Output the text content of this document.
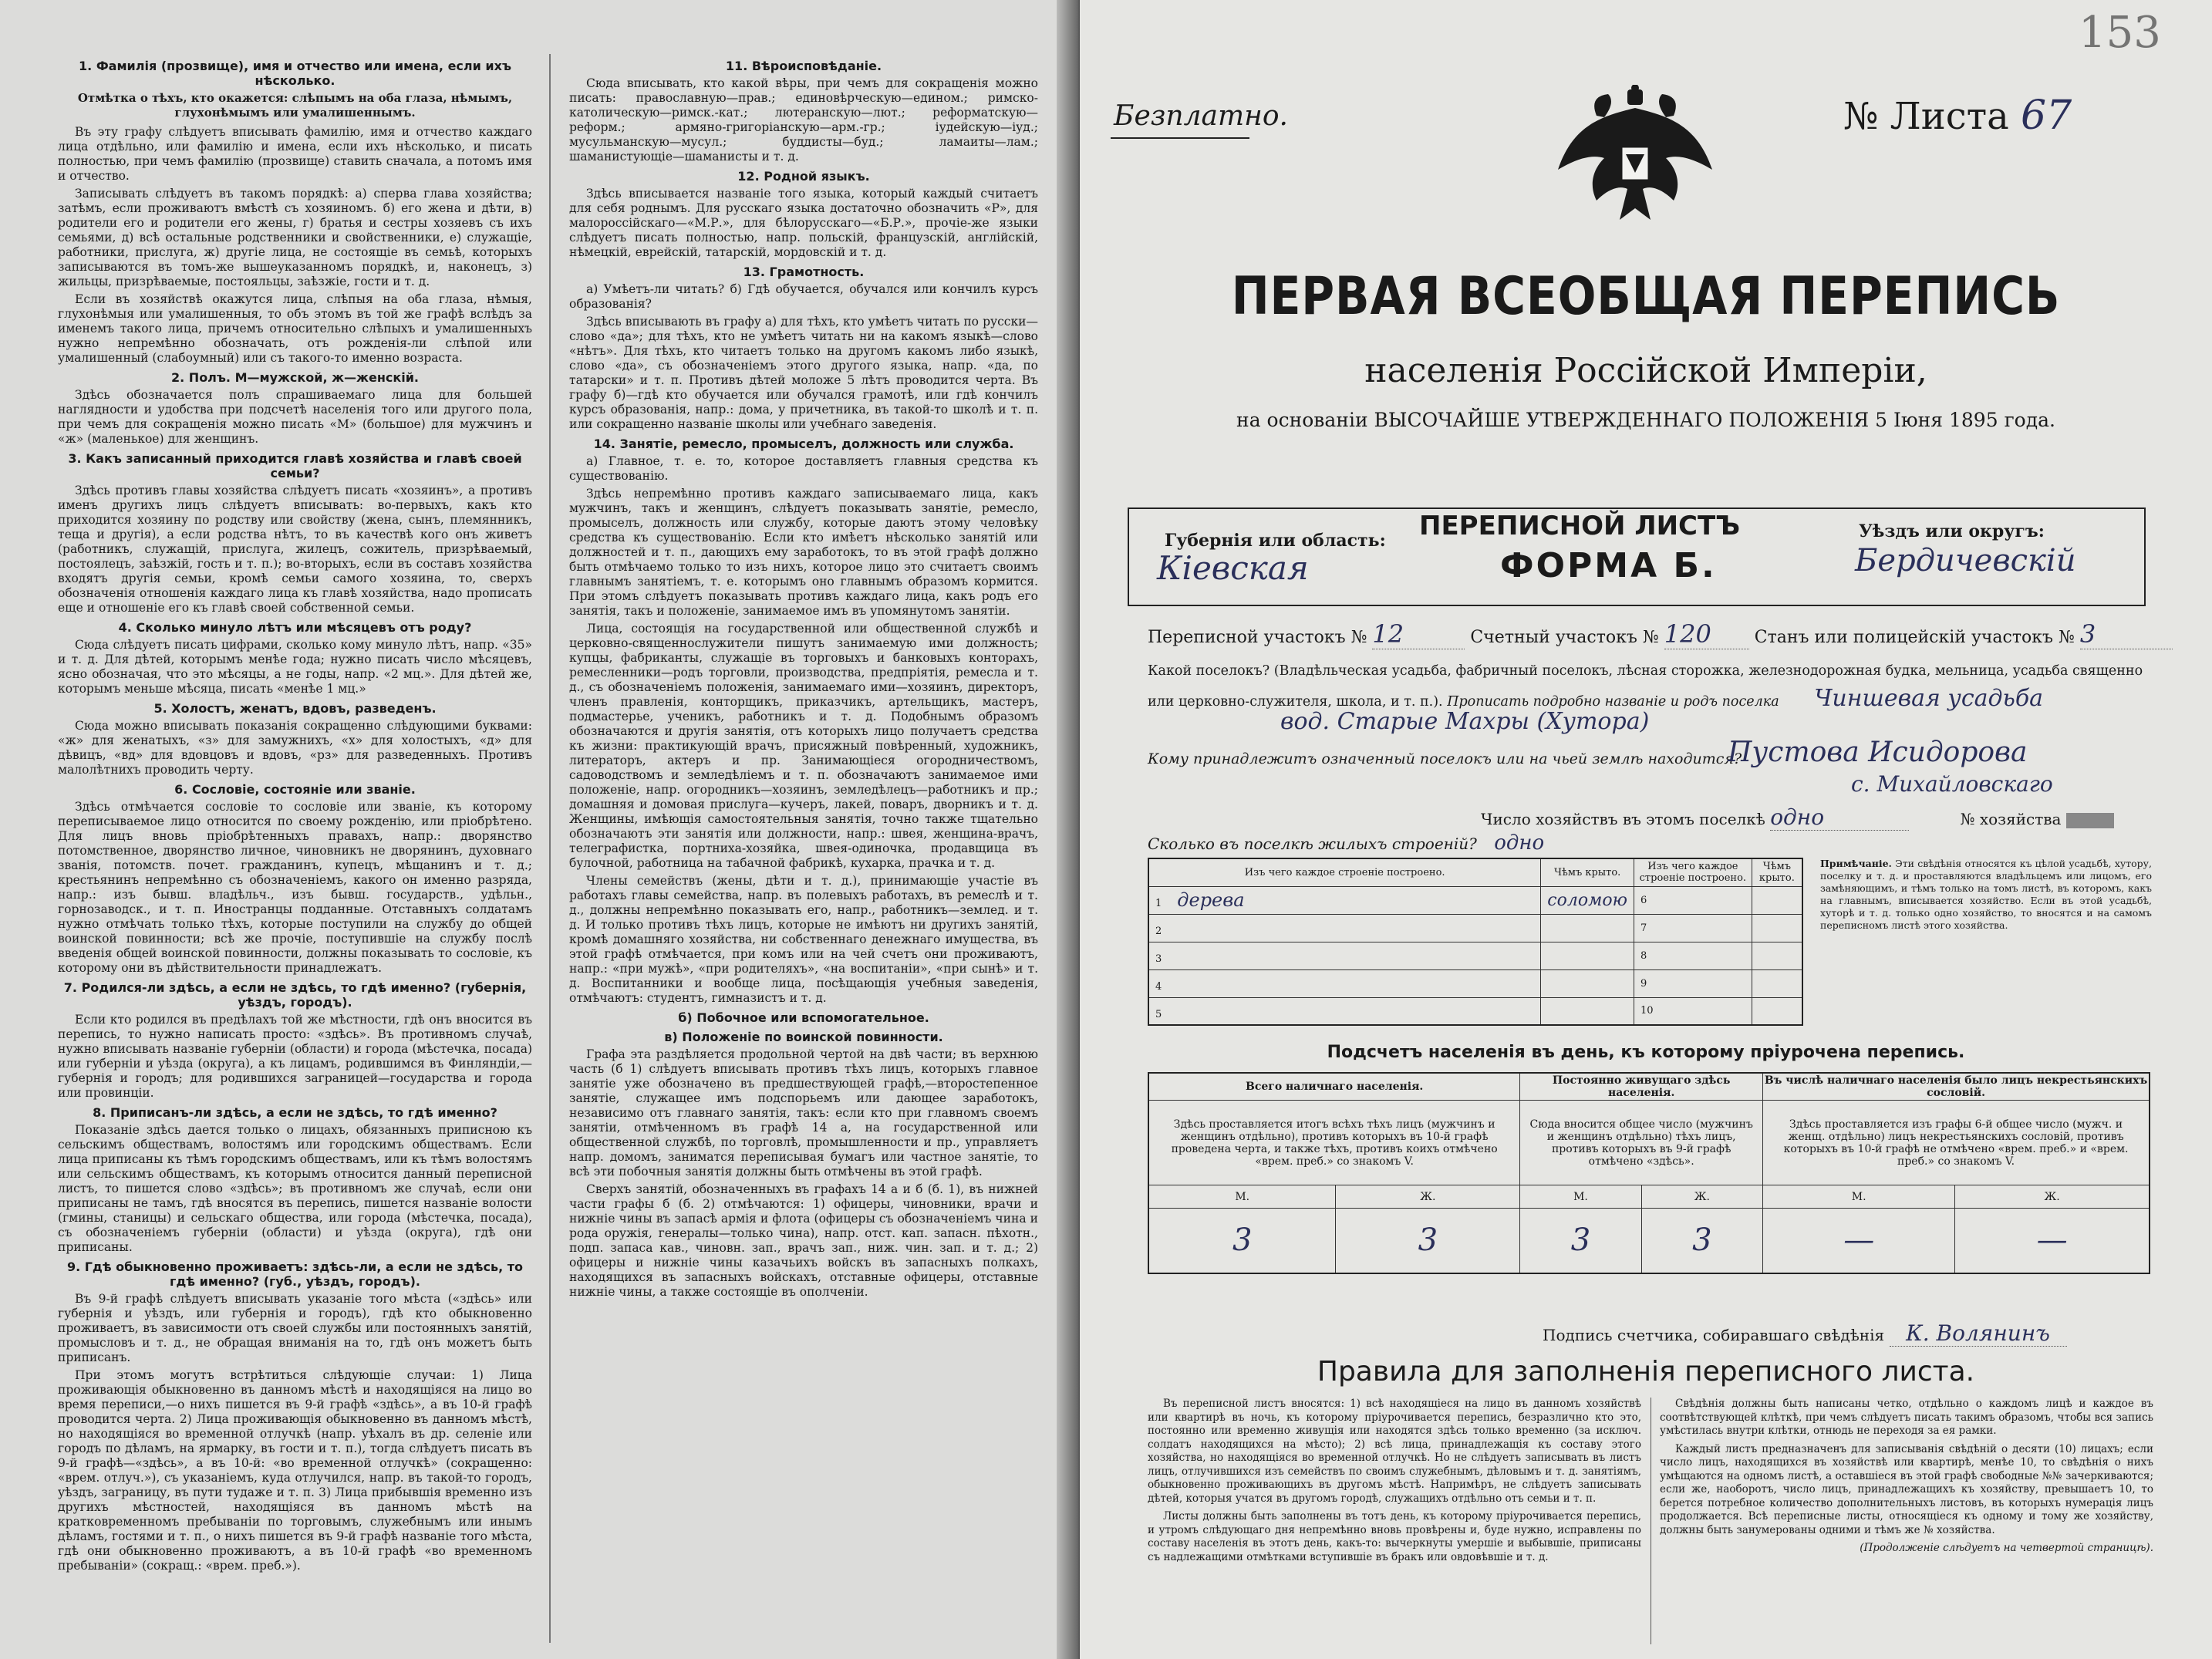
1. Фамилія (прозвище), имя и отчество или имена, если ихъ нѣсколько.
Отмѣтка о тѣхъ, кто окажется: слѣпымъ на оба глаза, нѣмымъ, глухонѣмымъ или умалишеннымъ.

Въ эту графу слѣдуетъ вписывать фамилію, имя и отчество каждаго лица отдѣльно, или фамилію и имена, если ихъ нѣсколько, и писать полностью, при чемъ фамилію (прозвище) ставить сначала, а потомъ имя и отчество.

Записывать слѣдуетъ въ такомъ порядкѣ: а) сперва глава хозяйства; затѣмъ, если проживаютъ вмѣстѣ съ хозяиномъ. б) его жена и дѣти, в) родители его и родители его жены, г) братья и сестры хозяевъ съ ихъ семьями, д) всѣ остальные родственники и свойственники, е) служащіе, работники, прислуга, ж) другіе лица, не состоящіе въ семьѣ, которыхъ записываются въ томъ-же вышеуказанномъ порядкѣ, и, наконецъ, з) жильцы, призрѣваемые, постояльцы, заѣзжіе, гости и т. д.

Если въ хозяйствѣ окажутся лица, слѣпыя на оба глаза, нѣмыя, глухонѣмыя или умалишенныя, то объ этомъ въ той же графѣ вслѣдъ за именемъ такого лица, причемъ относительно слѣпыхъ и умалишенныхъ нужно непремѣнно обозначать, отъ рожденія-ли слѣпой или умалишенный (слабоумный) или съ такого-то именно возраста.

2. Полъ. М—мужской, ж—женскій.

Здѣсь обозначается полъ спрашиваемаго лица для большей наглядности и удобства при подсчетѣ населенія того или другого пола, при чемъ для сокращенія можно писать «М» (большое) для мужчинъ и «ж» (маленькое) для женщинъ.

3. Какъ записанный приходится главѣ хозяйства и главѣ своей семьи?

Здѣсь противъ главы хозяйства слѣдуетъ писать «хозяинъ», а противъ именъ другихъ лицъ слѣдуетъ вписывать: во-первыхъ, какъ кто приходится хозяину по родству или свойству (жена, сынъ, племянникъ, теща и другія), а если родства нѣтъ, то въ качествѣ кого онъ живетъ (работникъ, служащій, прислуга, жилецъ, сожитель, призрѣваемый, постоялецъ, заѣзжій, гость и т. п.); во-вторыхъ, если въ составъ хозяйства входятъ другія семьи, кромѣ семьи самого хозяина, то, сверхъ обозначенія отношенія каждаго лица къ главѣ хозяйства, надо прописать еще и отношеніе его къ главѣ своей собственной семьи.

4. Сколько минуло лѣтъ или мѣсяцевъ отъ роду?

Сюда слѣдуетъ писать цифрами, сколько кому минуло лѣтъ, напр. «35» и т. д. Для дѣтей, которымъ менѣе года; нужно писать число мѣсяцевъ, ясно обозначая, что это мѣсяцы, а не годы, напр. «2 мц.». Для дѣтей же, которымъ меньше мѣсяца, писать «менѣе 1 мц.»

5. Холостъ, женатъ, вдовъ, разведенъ.

Сюда можно вписывать показанія сокращенно слѣдующими буквами: «ж» для женатыхъ, «з» для замужнихъ, «х» для холостыхъ, «д» для дѣвицъ, «вд» для вдовцовъ и вдовъ, «рз» для разведенныхъ. Противъ малолѣтнихъ проводить черту.

6. Сословіе, состояніе или званіе.

Здѣсь отмѣчается сословіе то сословіе или званіе, къ которому переписываемое лицо относится по своему рожденію, или пріобрѣтено. Для лицъ вновь пріобрѣтенныхъ правахъ, напр.: дворянство потомственное, дворянство личное, чиновникъ не дворянинъ, духовнаго званія, потомств. почет. гражданинъ, купецъ, мѣщанинъ и т. д.; крестьянинъ непремѣнно съ обозначеніемъ, какого он именно разряда, напр.: изъ бывш. владѣльч., изъ бывш. государств., удѣльн., горнозаводск., и т. п. Иностранцы подданные. Отставныхъ солдатамъ нужно отмѣчать только тѣхъ, которые поступили на службу до общей воинской повинности; всѣ же прочіе, поступившіе на службу послѣ введенія общей воинской повинности, должны показывать то сословіе, къ которому они въ дѣйствительности принадлежатъ.

7. Родился-ли здѣсь, а если не здѣсь, то гдѣ именно? (губернія, уѣздъ, городъ).

Если кто родился въ предѣлахъ той же мѣстности, гдѣ онъ вносится въ перепись, то нужно написать просто: «здѣсь». Въ противномъ случаѣ, нужно вписывать названіе губерніи (области) и города (мѣстечка, посада) или губерніи и уѣзда (округа), а къ лицамъ, родившимся въ Финляндіи,—губернія и городъ; для родившихся заграницей—государства и города или провинціи.

8. Приписанъ-ли здѣсь, а если не здѣсь, то гдѣ именно?

Показаніе здѣсь дается только о лицахъ, обязанныхъ приписною къ сельскимъ обществамъ, волостямъ или городскимъ обществамъ. Если лица приписаны къ тѣмъ городскимъ обществамъ, или къ тѣмъ волостямъ или сельскимъ обществамъ, къ которымъ относится данный переписной листъ, то пишется слово «здѣсь»; въ противномъ же случаѣ, если они приписаны не тамъ, гдѣ вносятся въ перепись, пишется названіе волости (гмины, станицы) и сельскаго общества, или города (мѣстечка, посада), съ обозначеніемъ губерніи (области) и уѣзда (округа), гдѣ они приписаны.

9. Гдѣ обыкновенно проживаетъ: здѣсь-ли, а если не здѣсь, то гдѣ именно? (губ., уѣздъ, городъ).

Въ 9-й графѣ слѣдуетъ вписывать указаніе того мѣста («здѣсь» или губернія и уѣздъ, или губернія и городъ), гдѣ кто обыкновенно проживаетъ, въ зависимости отъ своей службы или постоянныхъ занятій, промысловъ и т. д., не обращая вниманія на то, гдѣ онъ можетъ быть приписанъ.

При этомъ могутъ встрѣтиться слѣдующіе случаи: 1) Лица проживающія обыкновенно въ данномъ мѣстѣ и находящіяся на лицо во время переписи,—о нихъ пишется въ 9-й графѣ «здѣсь», а въ 10-й графѣ проводится черта. 2) Лица проживающія обыкновенно въ данномъ мѣстѣ, но находящіяся во временной отлучкѣ (напр. уѣхалъ въ др. селеніе или городъ по дѣламъ, на ярмарку, въ гости и т. п.), тогда слѣдуетъ писать въ 9-й графѣ—«здѣсь», а въ 10-й: «во временной отлучкѣ» (сокращенно: «врем. отлуч.»), съ указаніемъ, куда отлучился, напр. въ такой-то городъ, уѣздъ, заграницу, въ пути тудаже и т. п. 3) Лица прибывшія временно изъ другихъ мѣстностей, находящіяся въ данномъ мѣстѣ на кратковременномъ пребываніи по торговымъ, служебнымъ или инымъ дѣламъ, гостями и т. п., о нихъ пишется въ 9-й графѣ названіе того мѣста, гдѣ они обыкновенно проживаютъ, а въ 10-й графѣ «во временномъ пребываніи» (сокращ.: «врем. преб.»).

11. Вѣроисповѣданіе.

Сюда вписывать, кто какой вѣры, при чемъ для сокращенія можно писать: православную—прав.; единовѣрческую—едином.; римско-католическую—римск.-кат.; лютеранскую—лют.; реформатскую—реформ.; армяно-григоріанскую—арм.-гр.; іудейскую—іуд.; мусульманскую—мусул.; буддисты—буд.; ламаиты—лам.; шаманистующіе—шаманисты и т. д.

12. Родной языкъ.

Здѣсь вписывается названіе того языка, который каждый считаетъ для себя роднымъ. Для русскаго языка достаточно обозначить «Р», для малороссійскаго—«М.Р.», для бѣлорусскаго—«Б.Р.», прочіе-же языки слѣдуетъ писать полностью, напр. польскій, французскій, англійскій, нѣмецкій, еврейскій, татарскій, мордовскій и т. д.

13. Грамотность.

а) Умѣетъ-ли читать? б) Гдѣ обучается, обучался или кончилъ курсъ образованія?

Здѣсь вписывають въ графу а) для тѣхъ, кто умѣетъ читать по русски—слово «да»; для тѣхъ, кто не умѣетъ читать ни на какомъ языкѣ—слово «нѣтъ». Для тѣхъ, кто читаетъ только на другомъ какомъ либо языкѣ, слово «да», съ обозначеніемъ этого другого языка, напр. «да, по татарски» и т. п. Противъ дѣтей моложе 5 лѣтъ проводится черта. Въ графу б)—гдѣ кто обучается или обучался грамотѣ, или гдѣ кончилъ курсъ образованія, напр.: дома, у причетника, въ такой-то школѣ и т. п. или сокращенно названіе школы или учебнаго заведенія.

14. Занятіе, ремесло, промыселъ, должность или служба.

а) Главное, т. е. то, которое доставляетъ главныя средства къ существованію.

Здѣсь непремѣнно противъ каждаго записываемаго лица, какъ мужчинъ, такъ и женщинъ, слѣдуетъ показывать занятіе, ремесло, промыселъ, должность или службу, которые даютъ этому человѣку средства къ существованію. Если кто имѣетъ нѣсколько занятій или должностей и т. п., дающихъ ему заработокъ, то въ этой графѣ должно быть отмѣчаемо только то изъ нихъ, которое лицо это считаетъ своимъ главнымъ занятіемъ, т. е. которымъ оно главнымъ образомъ кормится. При этомъ слѣдуетъ показывать противъ каждаго лица, какъ родъ его занятія, такъ и положеніе, занимаемое имъ въ упомянутомъ занятіи.

Лица, состоящія на государственной или общественной службѣ и церковно-священнослужители пишутъ занимаемую ими должность; купцы, фабриканты, служащіе въ торговыхъ и банковыхъ конторахъ, ремесленники—родъ торговли, производства, предпріятія, ремесла и т. д., съ обозначеніемъ положенія, занимаемаго ими—хозяинъ, директоръ, членъ правленія, конторщикъ, приказчикъ, артельщикъ, мастеръ, подмастерье, ученикъ, работникъ и т. д. Подобнымъ образомъ обозначаются и другія занятія, отъ которыхъ лицо получаетъ средства къ жизни: практикующій врачъ, присяжный повѣренный, художникъ, литераторъ, актеръ и пр. Занимающіеся огородничествомъ, садоводствомъ и земледѣліемъ и т. п. обозначаютъ занимаемое ими положеніе, напр. огородникъ—хозяинъ, земледѣлецъ—работникъ и пр.; домашняя и домовая прислуга—кучеръ, лакей, поваръ, дворникъ и т. д. Женщины, имѣющія самостоятельныя занятія, точно также тщательно обозначаютъ эти занятія или должности, напр.: швея, женщина-врачъ, телеграфистка, портниха-хозяйка, швея-одиночка, продавщица въ булочной, работница на табачной фабрикѣ, кухарка, прачка и т. д.

Члены семействъ (жены, дѣти и т. д.), принимающіе участіе въ работахъ главы семейства, напр. въ полевыхъ работахъ, въ ремеслѣ и т. д., должны непремѣнно показывать его, напр., работникъ—землед. и т. д. И только противъ тѣхъ лицъ, которые не имѣютъ ни другихъ занятій, кромѣ домашняго хозяйства, ни собственнаго денежнаго имущества, въ этой графѣ отмѣчается, при комъ или на чей счетъ они проживаютъ, напр.: «при мужѣ», «при родителяхъ», «на воспитаніи», «при сынѣ» и т. д. Воспитанники и вообще лица, посѣщающія учебныя заведенія, отмѣчаютъ: студентъ, гимназистъ и т. д.

б) Побочное или вспомогательное.
в) Положеніе по воинской повинности.

Графа эта раздѣляется продольной чертой на двѣ части; въ верхнюю часть (б 1) слѣдуетъ вписывать противъ тѣхъ лицъ, которыхъ главное занятіе уже обозначено въ предшествующей графѣ,—второстепенное занятіе, служащее имъ подспорьемъ или дающее заработокъ, независимо отъ главнаго занятія, такъ: если кто при главномъ своемъ занятіи, отмѣченномъ въ графѣ 14 а, на государственной или общественной службѣ, по торговлѣ, промышленности и пр., управляетъ напр. домомъ, заниматся переписывая бумагъ или частное занятіе, то всѣ эти побочныя занятія должны быть отмѣчены въ этой графѣ.

Сверхъ занятій, обозначенныхъ въ графахъ 14 а и б (б. 1), въ нижней части графы б (б. 2) отмѣчаются: 1) офицеры, чиновники, врачи и нижніе чины въ запасѣ армія и флота (офицеры съ обозначеніемъ чина и рода оружія, генералы—только чина), напр. отст. кап. запасн. пѣхотн., подп. запаса кав., чиновн. зап., врачъ зап., ниж. чин. зап. и т. д.; 2) офицеры и нижніе чины казачьихъ войскъ въ запасныхъ полкахъ, находящихся въ запасныхъ войскахъ, отставные офицеры, отставные нижніе чины, а также состоящіе въ ополченіи.

Безплатно.	№ Листа 67
153
ПЕРВАЯ ВСЕОБЩАЯ ПЕРЕПИСЬ
населенія Россійской Имперіи,
на основаніи ВЫСОЧАЙШЕ УТВЕРЖДЕННАГО ПОЛОЖЕНІЯ 5 Іюня 1895 года.
Губернія или область:
Кіевская
ПЕРЕПИСНОЙ ЛИСТЪ
ФОРМА Б.
Уѣздъ или округъ:
Бердичевскій
Переписной участокъ № 12	Счетный участокъ № 120	Станъ или полицейскій участокъ № 3
Какой поселокъ? (Владѣльческая усадьба, фабричный поселокъ, лѣсная сторожка, железнодорожная будка, мельница, усадьба священно или церковно-служителя, школа, и т. п.). Прописать подробно названіе и родъ поселка Чиншевая усадьба
вод. Старые Махры (Хутора)
Кому принадлежитъ означенный поселокъ или на чьей землѣ находится?
Пустова Исидорова
с. Михайловскаго
Число хозяйствъ въ этомъ поселкѣ одно	№ хозяйства
Сколько въ поселкѣ жилыхъ строеній? одно
Изъ чего каждое строеніе построено.	Чѣмъ крыто.	Изъ чего каждое строеніе построено.	Чѣмъ крыто.
1 дерева	соломою	6	
2		7	
3		8	
4		9	
5		10	
Примѣчаніе. Эти свѣдѣнія относятся къ цѣлой усадьбѣ, хутору, поселку и т. д. и проставляются владѣльцемъ или лицомъ, его замѣняющимъ, и тѣмъ только на томъ листѣ, въ которомъ, какъ на главнымъ, вписывается хозяйство. Если въ этой усадьбѣ, хуторѣ и т. д. только одно хозяйство, то вносятся и на самомъ переписномъ листѣ этого хозяйства.
Подсчетъ населенія въ день, къ которому пріурочена перепись.
Всего наличнаго населенія.		Постоянно живущаго здѣсь населенія.		Въ числѣ наличнаго населенія было лицъ некрестьянскихъ сословій.	
Здѣсь проставляется итогъ всѣхъ тѣхъ лицъ (мужчинъ и женщинъ отдѣльно), противъ которыхъ въ 10-й графѣ проведена черта, и также тѣхъ, противъ коихъ отмѣчено «врем. преб.» со знакомъ V.		Сюда вносится общее число (мужчинъ и женщинъ отдѣльно) тѣхъ лицъ, противъ которыхъ въ 9-й графѣ отмѣчено «здѣсь».		Здѣсь проставляется изъ графы 6-й общее число (мужч. и женщ. отдѣльно) лицъ некрестьянскихъ сословій, противъ которыхъ въ 10-й графѣ не отмѣчено «врем. преб.» и «врем. преб.» со знакомъ V.	
М.	Ж.	М.	Ж.	М.	Ж.
3	3	3	3	—	—
Подпись счетчика, собиравшаго свѣдѣнія К. Волянинъ
Правила для заполненія переписного листа.

Въ переписной листъ вносятся: 1) всѣ находящіеся на лицо въ данномъ хозяйствѣ или квартирѣ въ ночь, къ которому пріурочивается перепись, безразлично кто это, постоянно или временно живущія или находятся здѣсь только временно (за исключ. солдатъ находящихся на мѣсто); 2) всѣ лица, принадлежащія къ составу этого хозяйства, но находящіяся во временной отлучкѣ. Но не слѣдуетъ записывать въ листъ лицъ, отлучившихся изъ семействъ по своимъ служебнымъ, дѣловымъ и т. д. занятіямъ, обыкновенно проживающихъ въ другомъ мѣстѣ. Напримѣръ, не слѣдуетъ записывать дѣтей, которыя учатся въ другомъ городѣ, служащихъ отдѣльно отъ семьи и т. п.

Листы должны быть заполнены въ тотъ день, къ которому пріурочивается перепись, и утромъ слѣдующаго дня непремѣнно вновь провѣрены и, буде нужно, исправлены по составу населенія въ этотъ день, какъ-то: вычеркнуты умершіе и выбывшіе, приписаны съ надлежащими отмѣтками вступившіе въ бракъ или овдовѣвшіе и т. д.

Свѣдѣнія должны быть написаны четко, отдѣльно о каждомъ лицѣ и каждое въ соотвѣтствующей клѣткѣ, при чемъ слѣдуетъ писать такимъ образомъ, чтобы вся запись умѣстилась внутри клѣтки, отнюдь не переходя за ея рамки.

Каждый листъ предназначенъ для записыванія свѣдѣній о десяти (10) лицахъ; если число лицъ, находящихся въ хозяйствѣ или квартирѣ, менѣе 10, то свѣдѣнія о нихъ умѣщаются на одномъ листѣ, а оставшіеся въ этой графѣ свободные №№ зачеркиваются; если же, наоборотъ, число лицъ, принадлежащихъ къ хозяйству, превышаетъ 10, то берется потребное количество дополнительныхъ листовъ, въ которыхъ нумерація лицъ продолжается. Всѣ переписные листы, относящіеся къ одному и тому же хозяйству, должны быть занумерованы одними и тѣмъ же № хозяйства.

(Продолженіе слѣдуетъ на четвертой страницѣ).
